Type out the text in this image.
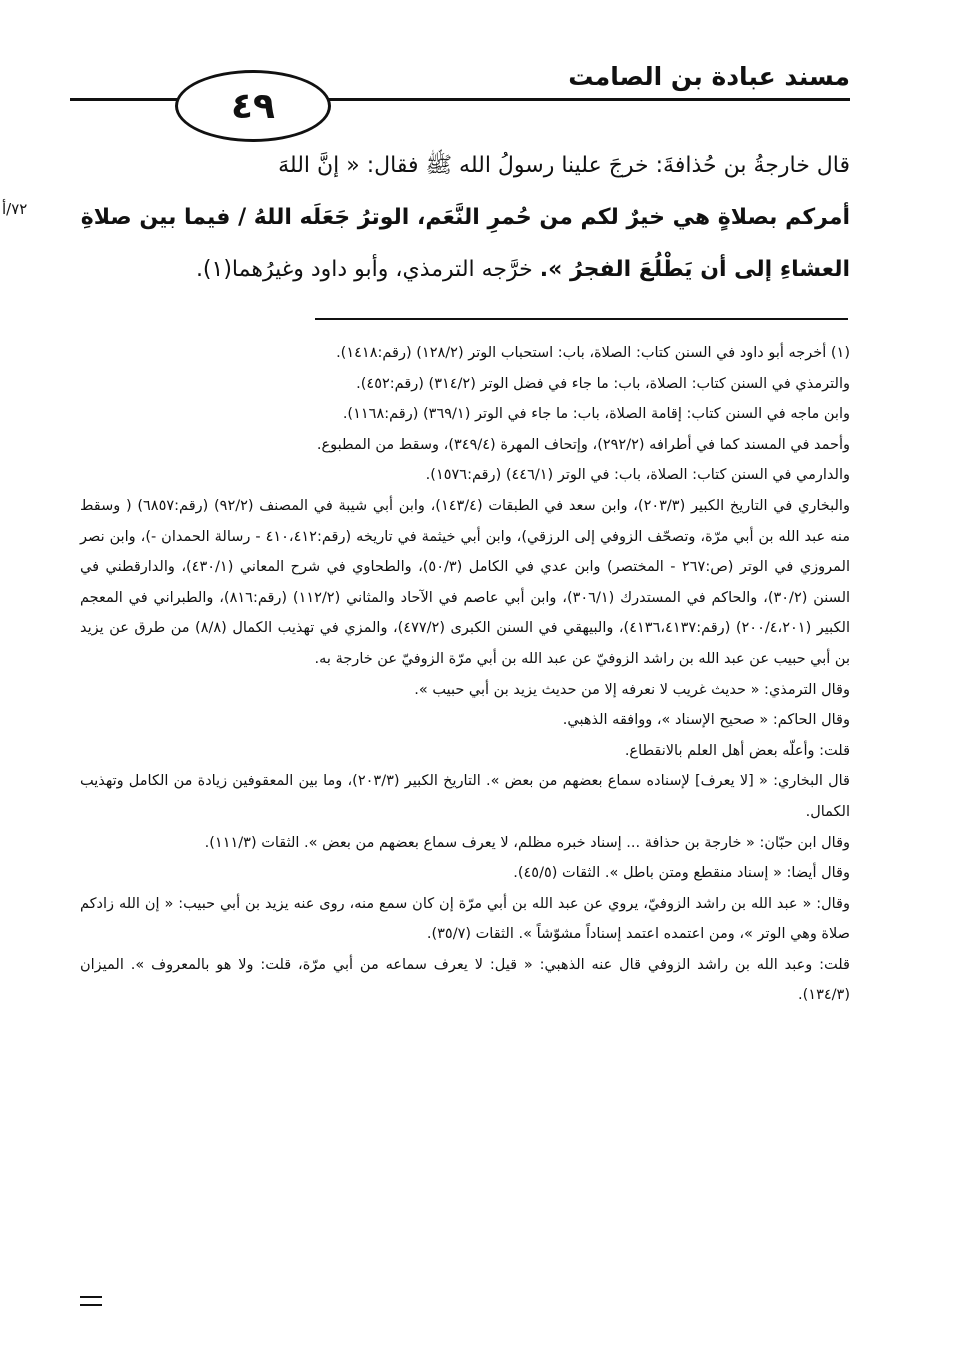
٤٩
مسند عبادة بن الصامت
٧٢/أ
قال خارجةُ بن حُذافةَ: خرجَ علينا رسولُ الله ﷺ فقال: « إنَّ اللهَ
أمركم بصلاةٍ هي خيرٌ لكم من حُمرِ النَّعَم، الوترُ جَعَلَه اللهُ / فيما بين صلاةِ
العشاءِ إلى أن يَطْلُعَ الفجرُ ». خرَّجه الترمذي، وأبو داود وغيرُهما(١).

(١) أخرجه أبو داود في السنن كتاب: الصلاة، باب: استحباب الوتر (١٢٨/٢) (رقم:١٤١٨).

والترمذي في السنن كتاب: الصلاة، باب: ما جاء في فضل الوتر (٣١٤/٢) (رقم:٤٥٢).

وابن ماجه في السنن كتاب: إقامة الصلاة، باب: ما جاء في الوتر (٣٦٩/١) (رقم:١١٦٨).

وأحمد في المسند كما في أطرافه (٢٩٢/٢)، وإتحاف المهرة (٣٤٩/٤)، وسقط من المطبوع.

والدارمي في السنن كتاب: الصلاة، باب: في الوتر (٤٤٦/١) (رقم:١٥٧٦).

والبخاري في التاريخ الكبير (٢٠٣/٣)، وابن سعد في الطبقات (١٤٣/٤)، وابن أبي شيبة في المصنف (٩٢/٢) (رقم:٦٨٥٧) ( وسقط منه عبد الله بن أبي مرّة، وتصحّف الزوفي إلى الرزقي)، وابن أبي خيثمة في تاريخه (رقم:٤١٠،٤١٢ - رسالة الحمدان -)، وابن نصر المروزي في الوتر (ص:٢٦٧ - المختصر) وابن عدي في الكامل (٥٠/٣)، والطحاوي في شرح المعاني (٤٣٠/١)، والدارقطني في السنن (٣٠/٢)، والحاكم في المستدرك (٣٠٦/١)، وابن أبي عاصم في الآحاد والمثاني (١١٢/٢) (رقم:٨١٦)، والطبراني في المعجم الكبير (٢٠٠/٤،٢٠١) (رقم:٤١٣٦،٤١٣٧)، والبيهقي في السنن الكبرى (٤٧٧/٢)، والمزي في تهذيب الكمال (٨/٨) من طرق عن يزيد بن أبي حبيب عن عبد الله بن راشد الزوفيّ عن عبد الله بن أبي مرّة الزوفيّ عن خارجة به.

وقال الترمذي: « حديث غريب لا نعرفه إلا من حديث يزيد بن أبي حبيب ».

وقال الحاكم: « صحيح الإسناد »، ووافقه الذهبي.

قلت: وأعلّه بعض أهل العلم بالانقطاع.

قال البخاري: « [لا يعرف] لإسناده سماع بعضهم من بعض ». التاريخ الكبير (٢٠٣/٣)، وما بين المعقوفين زيادة من الكامل وتهذيب الكمال.

وقال ابن حبّان: « خارجة بن حذافة ... إسناد خبره مظلم، لا يعرف سماع بعضهم من بعض ». الثقات (١١١/٣).

وقال أيضا: « إسناد منقطع ومتن باطل ». الثقات (٤٥/٥).

وقال: « عبد الله بن راشد الزوفيّ، يروي عن عبد الله بن أبي مرّة إن كان سمع منه، روى عنه يزيد بن أبي حبيب: « إن الله زادكم صلاة وهي الوتر »، ومن اعتمده اعتمد إسناداً مشوّشاً ». الثقات (٣٥/٧).

قلت: وعبد الله بن راشد الزوفي قال عنه الذهبي: « قيل: لا يعرف سماعه من أبي مرّة، قلت: ولا هو بالمعروف ». الميزان (١٣٤/٣).
